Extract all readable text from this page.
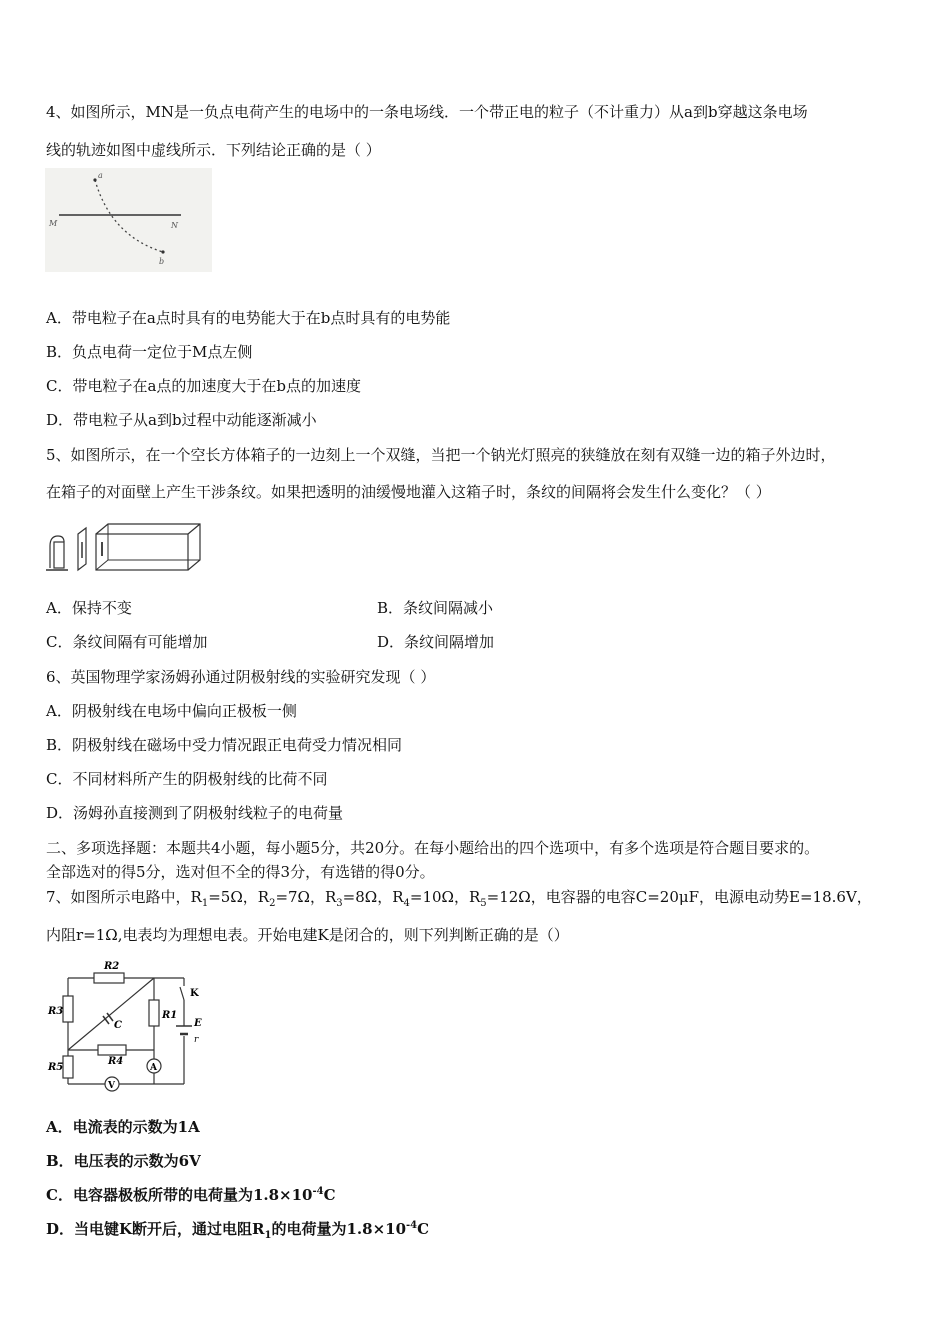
4、如图所示，MN是一负点电荷产生的电场中的一条电场线．一个带正电的粒子（不计重力）从a到b穿越这条电场
线的轨迹如图中虚线所示．下列结论正确的是（ ）
a
b
M	N
A．带电粒子在a点时具有的电势能大于在b点时具有的电势能
B．负点电荷一定位于M点左侧
C．带电粒子在a点的加速度大于在b点的加速度
D．带电粒子从a到b过程中动能逐渐减小
5、如图所示，在一个空长方体箱子的一边刻上一个双缝，当把一个钠光灯照亮的狭缝放在刻有双缝一边的箱子外边时，
在箱子的对面壁上产生干涉条纹。如果把透明的油缓慢地灌入这箱子时，条纹的间隔将会发生什么变化？（ ）
A．保持不变	B．条纹间隔减小
C．条纹间隔有可能增加	D．条纹间隔增加
6、英国物理学家汤姆孙通过阴极射线的实验研究发现（ ）
A．阴极射线在电场中偏向正极板一侧
B．阴极射线在磁场中受力情况跟正电荷受力情况相同
C．不同材料所产生的阴极射线的比荷不同
D．汤姆孙直接测到了阴极射线粒子的电荷量
二、多项选择题：本题共4小题，每小题5分，共20分。在每小题给出的四个选项中，有多个选项是符合题目要求的。
全部选对的得5分，选对但不全的得3分，有选错的得0分。
7、如图所示电路中，$R_1=5\Omega$，$R_2=7\Omega$，$R_3=8\Omega$，$R_4=10\Omega$，$R_5=12\Omega$，电容器的电容C=20μF，电源电动势E=18.6V，
内阻r=1Ω,电表均为理想电表。开始电建K是闭合的，则下列判断正确的是（）
R2
R3
R5
R1
R4
C
K
E
r
A
V
A．电流表的示数为1A
B．电压表的示数为6V
C．电容器极板所带的电荷量为$1.8\times 10^{-4}C$
D．当电键K断开后，通过电阻$R_1$的电荷量为$1.8\times 10^{-4}C$
